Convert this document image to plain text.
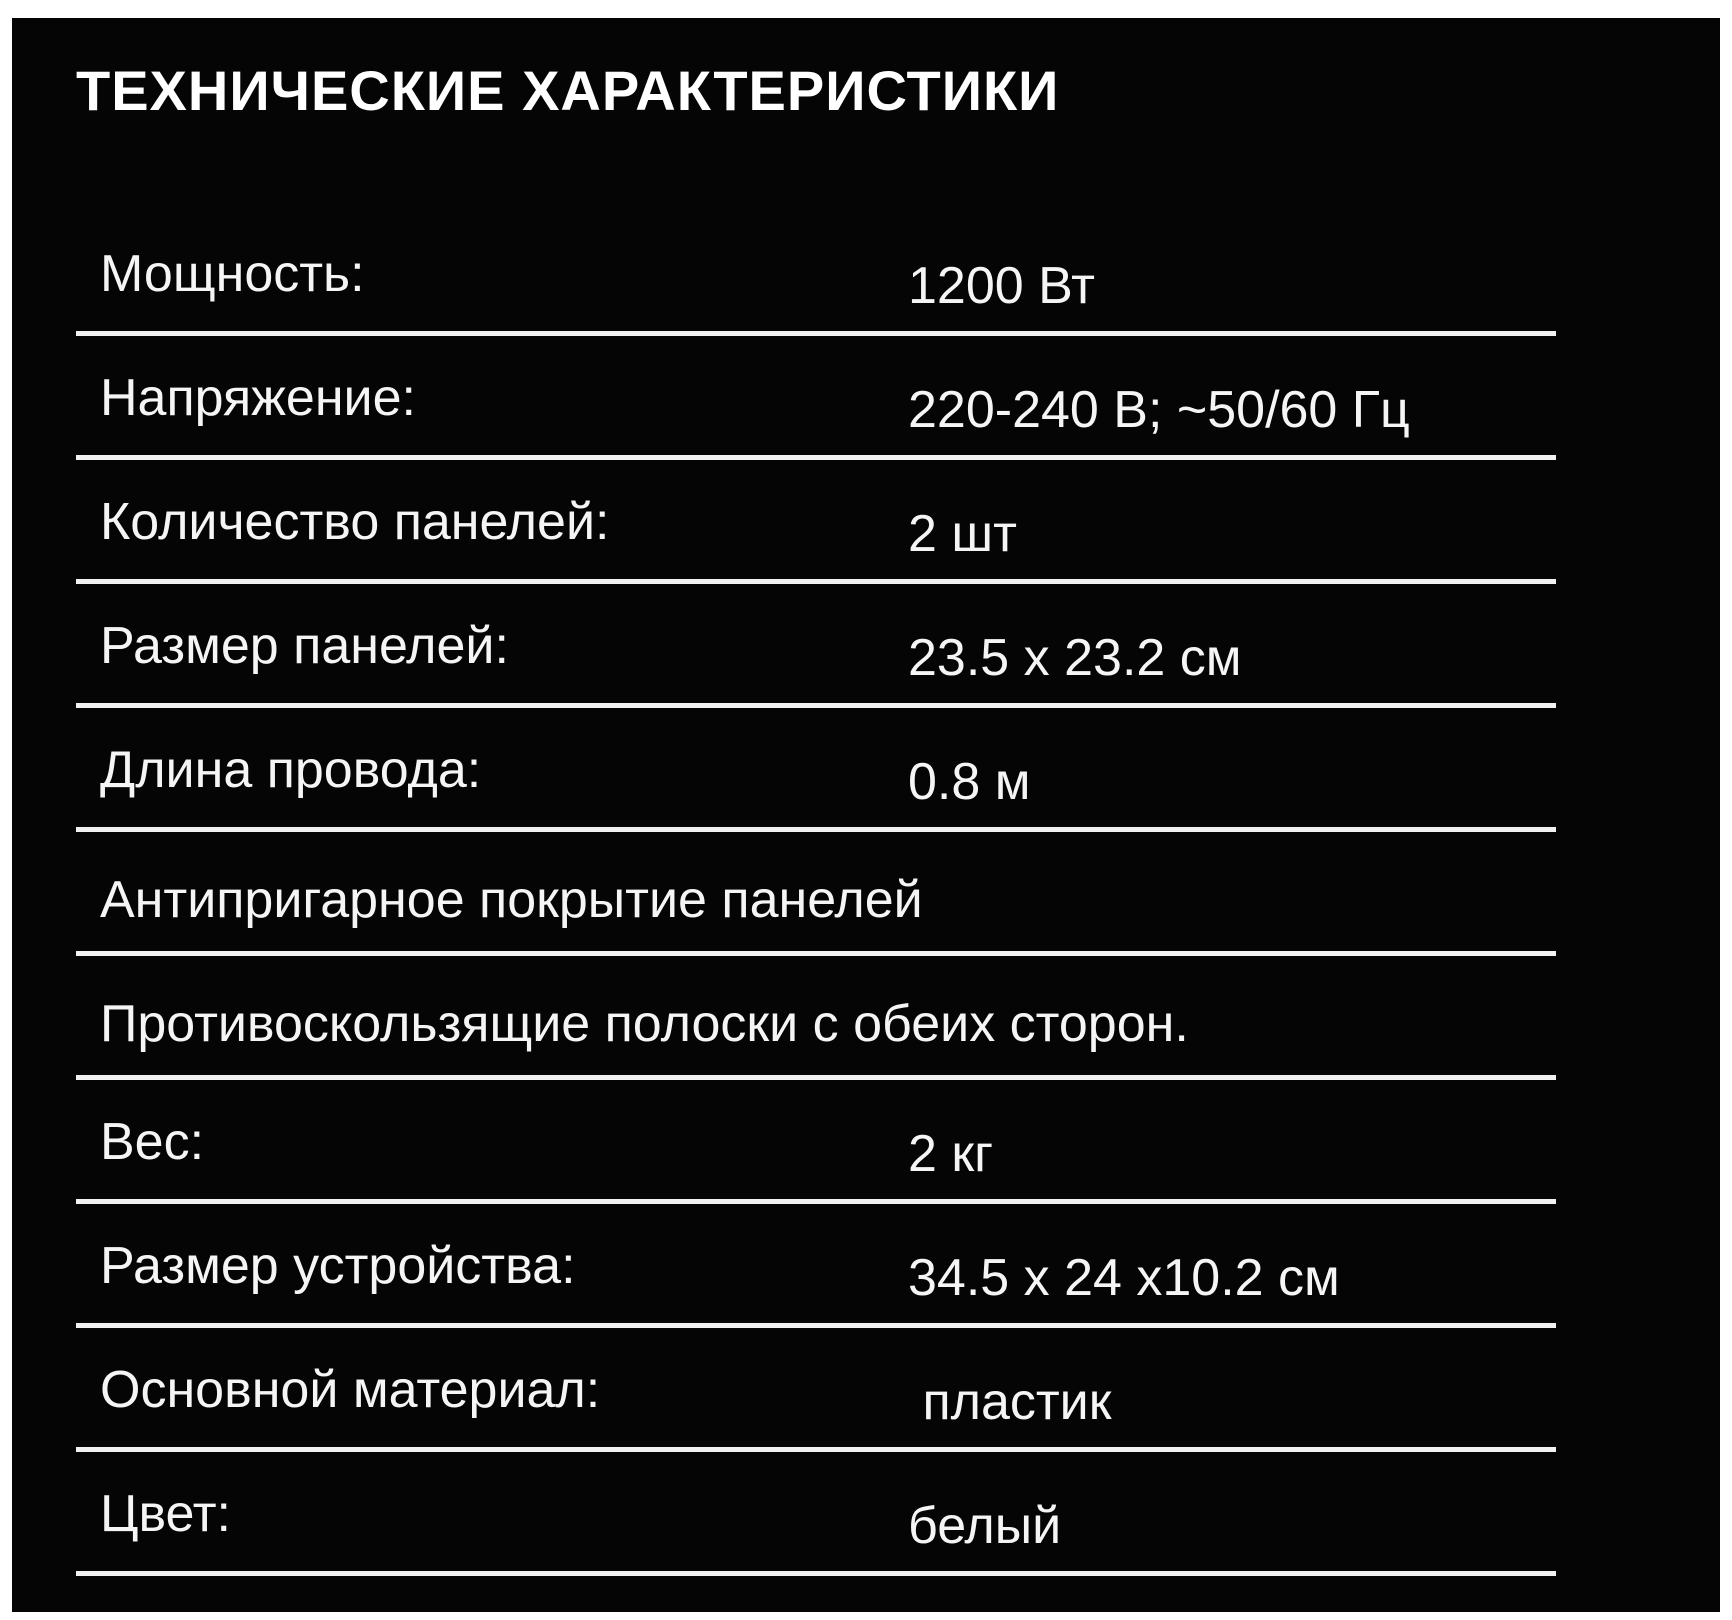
ТЕХНИЧЕСКИЕ ХАРАКТЕРИСТИКИ
Мощность:	1200 Вт
Напряжение:	220-240 В; ~50/60 Гц
Количество панелей:	2 шт
Размер панелей:	23.5 x 23.2 см
Длина провода:	0.8 м
Антипригарное покрытие панелей
Противоскользящие полоски с обеих сторон.
Вес:	2 кг
Размер устройства:	34.5 x 24 x10.2 см
Основной материал:	пластик
Цвет:	белый
